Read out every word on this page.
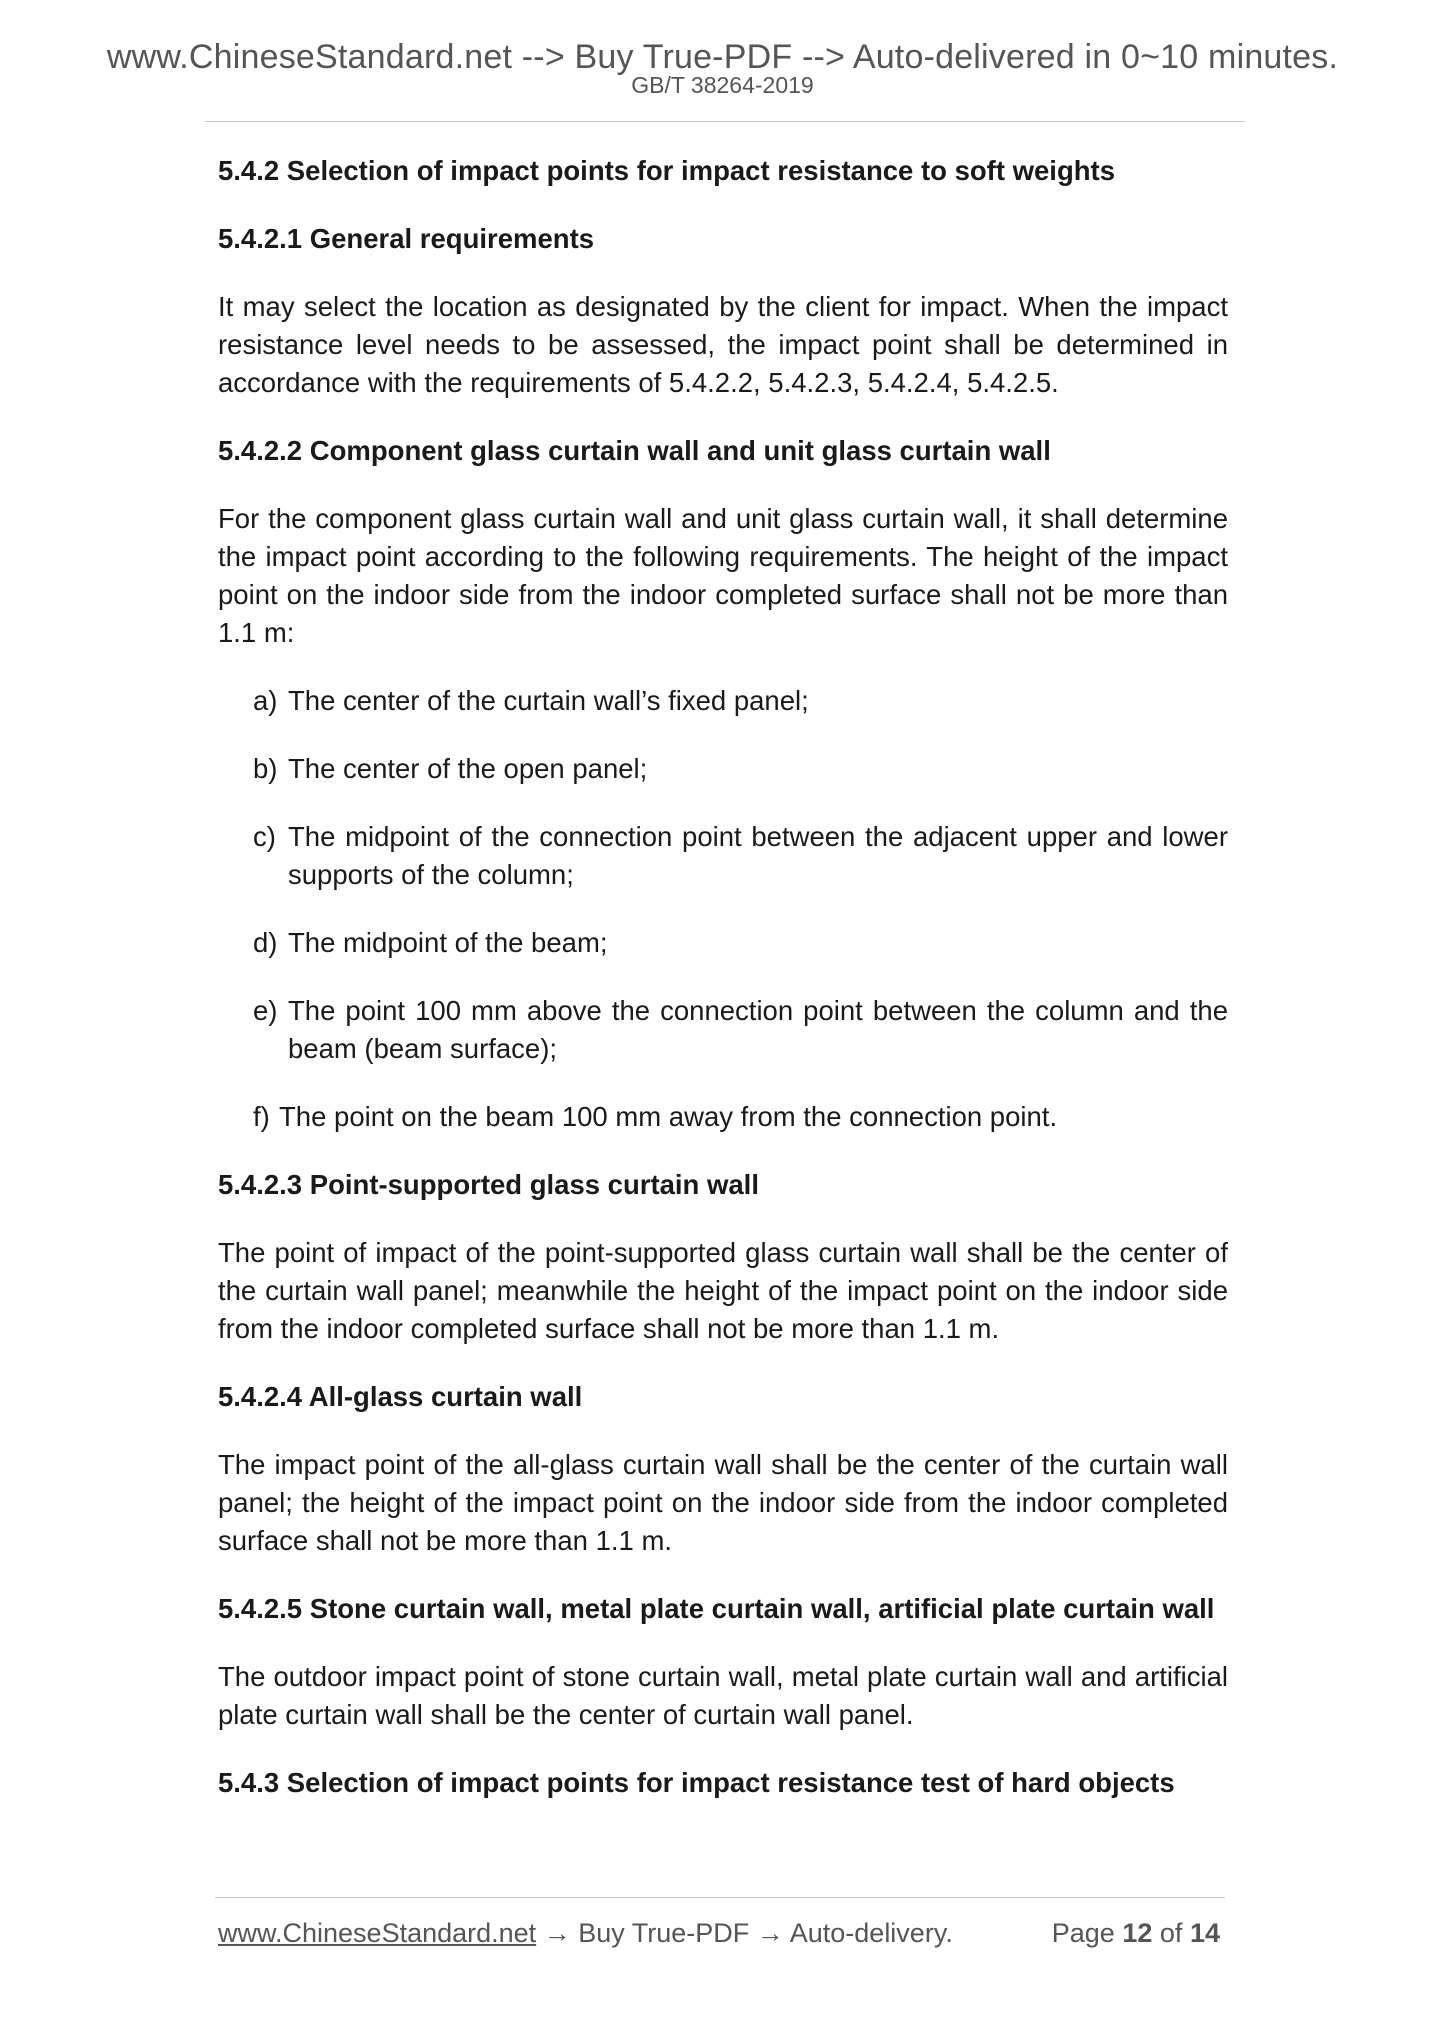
www.ChineseStandard.net --> Buy True-PDF --> Auto-delivered in 0~10 minutes.
GB/T 38264-2019

5.4.2 Selection of impact points for impact resistance to soft weights

5.4.2.1 General requirements

It may select the location as designated by the client for impact. When the impact resistance level needs to be assessed, the impact point shall be determined in accordance with the requirements of 5.4.2.2, 5.4.2.3, 5.4.2.4, 5.4.2.5.

5.4.2.2 Component glass curtain wall and unit glass curtain wall

For the component glass curtain wall and unit glass curtain wall, it shall determine the impact point according to the following requirements. The height of the impact point on the indoor side from the indoor completed surface shall not be more than 1.1 m:

a) The center of the curtain wall’s fixed panel;
b) The center of the open panel;
c) The midpoint of the connection point between the adjacent upper and lower supports of the column;
d) The midpoint of the beam;
e) The point 100 mm above the connection point between the column and the beam (beam surface);
f) The point on the beam 100 mm away from the connection point.

5.4.2.3 Point-supported glass curtain wall

The point of impact of the point-supported glass curtain wall shall be the center of the curtain wall panel; meanwhile the height of the impact point on the indoor side from the indoor completed surface shall not be more than 1.1 m.

5.4.2.4 All-glass curtain wall

The impact point of the all-glass curtain wall shall be the center of the curtain wall panel; the height of the impact point on the indoor side from the indoor completed surface shall not be more than 1.1 m.

5.4.2.5 Stone curtain wall, metal plate curtain wall, artificial plate curtain wall

The outdoor impact point of stone curtain wall, metal plate curtain wall and artificial plate curtain wall shall be the center of curtain wall panel.

5.4.3 Selection of impact points for impact resistance test of hard objects

www.ChineseStandard.net → Buy True-PDF → Auto-delivery.	Page 12 of 14
